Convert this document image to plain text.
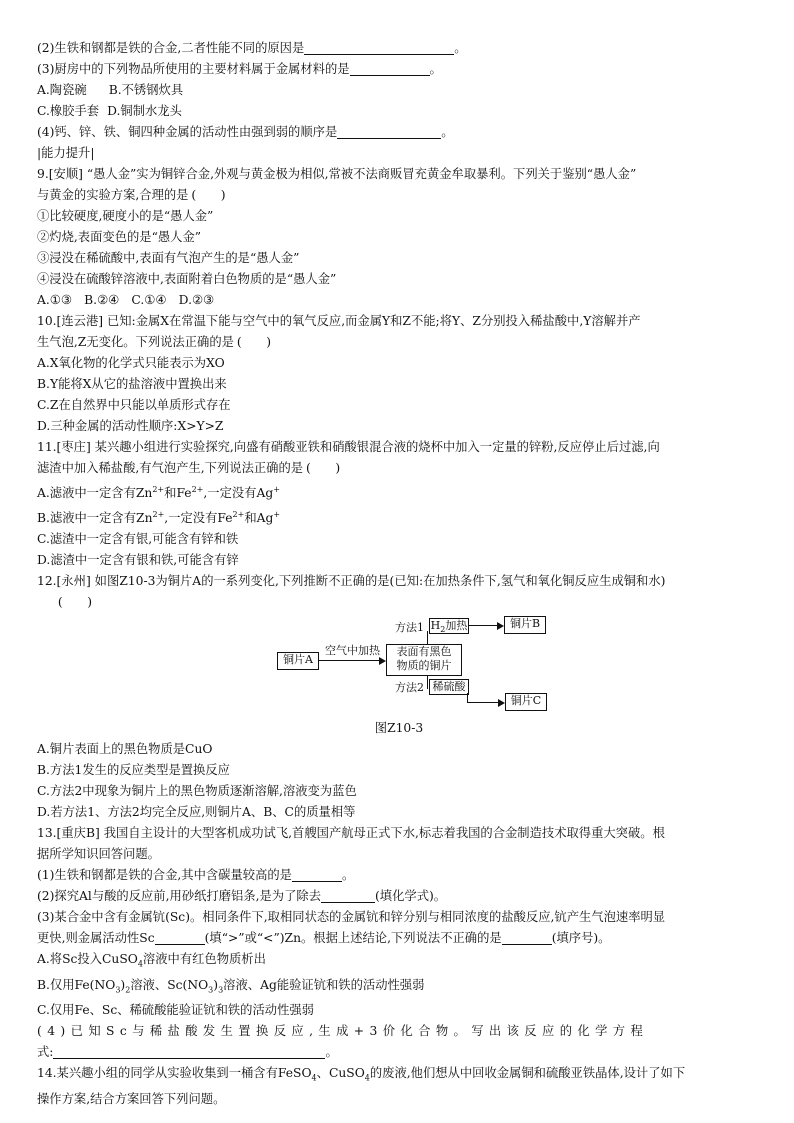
(2)生铁和钢都是铁的合金,二者性能不同的原因是	。
(3)厨房中的下列物品所使用的主要材料属于金属材料的是	。
A.陶瓷碗 B.不锈钢炊具
C.橡胶手套 D.铜制水龙头
(4)钙、锌、铁、铜四种金属的活动性由强到弱的顺序是	。
|能力提升|
9.[安顺] “愚人金”实为铜锌合金,外观与黄金极为相似,常被不法商贩冒充黄金牟取暴利。下列关于鉴别“愚人金”
与黄金的实验方案,合理的是 (　　)
①比较硬度,硬度小的是“愚人金”
②灼烧,表面变色的是“愚人金”
③浸没在稀硫酸中,表面有气泡产生的是“愚人金”
④浸没在硫酸锌溶液中,表面附着白色物质的是“愚人金”
A.①③　B.②④　C.①④　D.②③
10.[连云港] 已知:金属X在常温下能与空气中的氧气反应,而金属Y和Z不能;将Y、Z分别投入稀盐酸中,Y溶解并产
生气泡,Z无变化。下列说法正确的是 (　　)
A.X氧化物的化学式只能表示为XO
B.Y能将X从它的盐溶液中置换出来
C.Z在自然界中只能以单质形式存在
D.三种金属的活动性顺序:X>Y>Z
11.[枣庄] 某兴趣小组进行实验探究,向盛有硝酸亚铁和硝酸银混合液的烧杯中加入一定量的锌粉,反应停止后过滤,向
滤渣中加入稀盐酸,有气泡产生,下列说法正确的是 (　　)
A.滤液中一定含有$Zn^{2+}$和$Fe^{2+}$,一定没有Ag+
B.滤液中一定含有$Zn^{2+}$,一定没有$Fe^{2+}$和Ag+
C.滤渣中一定含有银,可能含有锌和铁
D.滤渣中一定含有银和铁,可能含有锌
12.[永州] 如图Z10-3为铜片A的一系列变化,下列推断不正确的是(已知:在加热条件下,氢气和氧化铜反应生成铜和水)
(　　)
铜片A
空气中加热	表面有黑色
物质的铜片
方法1 $H_2$加热	铜片B
方法2 稀硫酸
铜片C
图Z10-3
A.铜片表面上的黑色物质是CuO
B.方法1发生的反应类型是置换反应
C.方法2中现象为铜片上的黑色物质逐渐溶解,溶液变为蓝色
D.若方法1、方法2均完全反应,则铜片A、B、C的质量相等
13.[重庆B] 我国自主设计的大型客机成功试飞,首艘国产航母正式下水,标志着我国的合金制造技术取得重大突破。根
据所学知识回答问题。
(1)生铁和钢都是铁的合金,其中含碳量较高的是	。
(2)探究Al与酸的反应前,用砂纸打磨铝条,是为了除去	(填化学式)。
(3)某合金中含有金属钪(Sc)。相同条件下,取相同状态的金属钪和锌分别与相同浓度的盐酸反应,钪产生气泡速率明显
更快,则金属活动性Sc	(填“>”或“<”)Zn。根据上述结论,下列说法不正确的是	(填序号)。
A.将Sc投入CuSO$_4$溶液中有红色物质析出
B.仅用$Fe(NO_3)_2$溶液、$Sc(NO_3)_3$溶液、Ag能验证钪和铁的活动性强弱
C.仅用Fe、Sc、稀硫酸能验证钪和铁的活动性强弱
(4)已知Sc与稀盐酸发生置换反应,生成+3价化合物。写出该反应的化学方程
式:	。
14.某兴趣小组的同学从实验收集到一桶含有FeSO$_4$、CuSO$_4$的废液,他们想从中回收金属铜和硫酸亚铁晶体,设计了如下
操作方案,结合方案回答下列问题。
